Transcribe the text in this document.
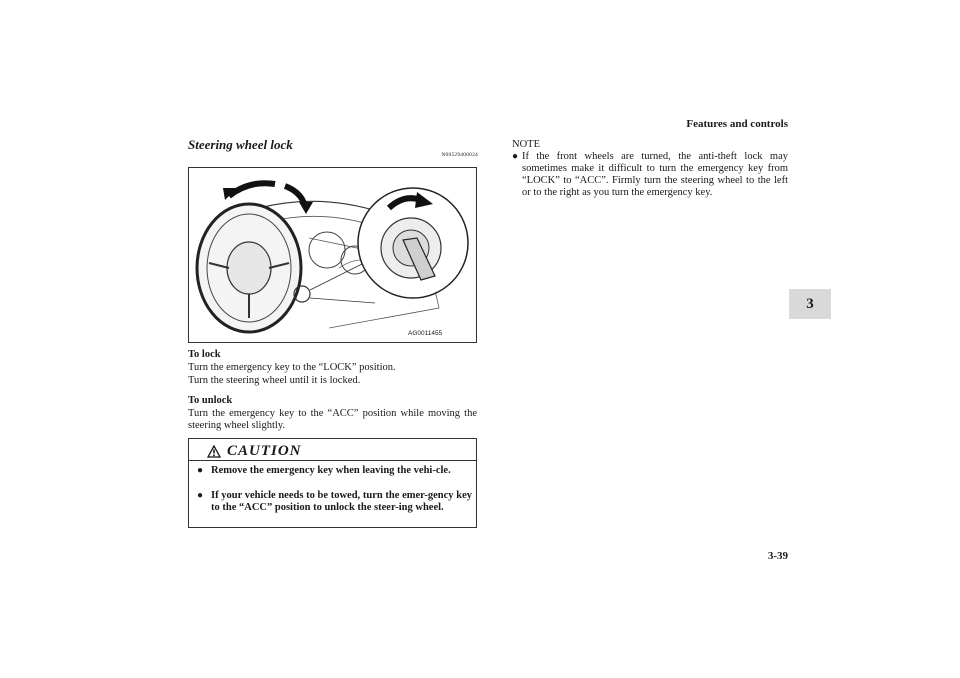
Features and controls
3
Steering wheel lock
N00529400024
AG0011455
To lock
Turn the emergency key to the “LOCK” position.
Turn the steering wheel until it is locked.
To unlock
Turn the emergency key to the “ACC” position while moving the steering wheel slightly.
CAUTION
● Remove the emergency key when leaving the vehi-cle.
● If your vehicle needs to be towed, turn the emer-gency key to the “ACC” position to unlock the steer-ing wheel.
NOTE
● If the front wheels are turned, the anti-theft lock may sometimes make it difficult to turn the emergency key from “LOCK” to “ACC”. Firmly turn the steering wheel to the left or to the right as you turn the emergency key.
3-39
